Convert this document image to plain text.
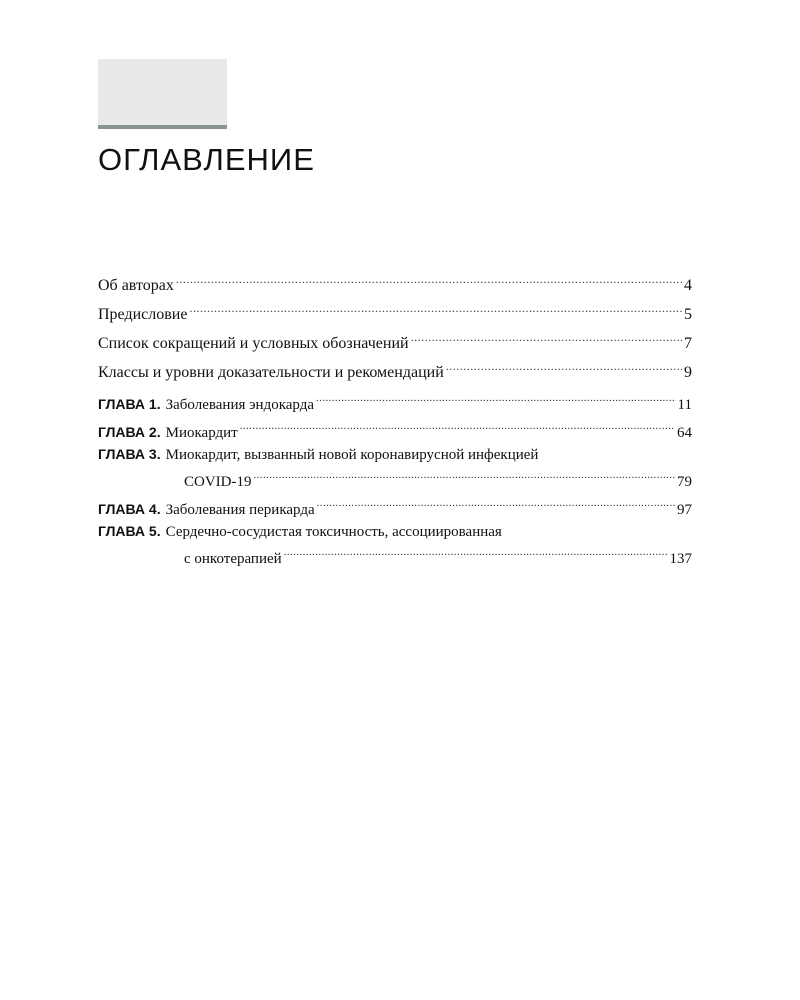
ОГЛАВЛЕНИЕ
Об авторах .....	4
Предисловие .....	5
Список сокращений и условных обозначений .....	7
Классы и уровни доказательности и рекомендаций .....	9
ГЛАВА 1. Заболевания эндокарда .....	11
ГЛАВА 2. Миокардит .....	64
ГЛАВА 3. Миокардит, вызванный новой коронавирусной инфекцией
COVID-19 .....	79
ГЛАВА 4. Заболевания перикарда .....	97
ГЛАВА 5. Сердечно-сосудистая токсичность, ассоциированная
с онкотерапией .....	137
